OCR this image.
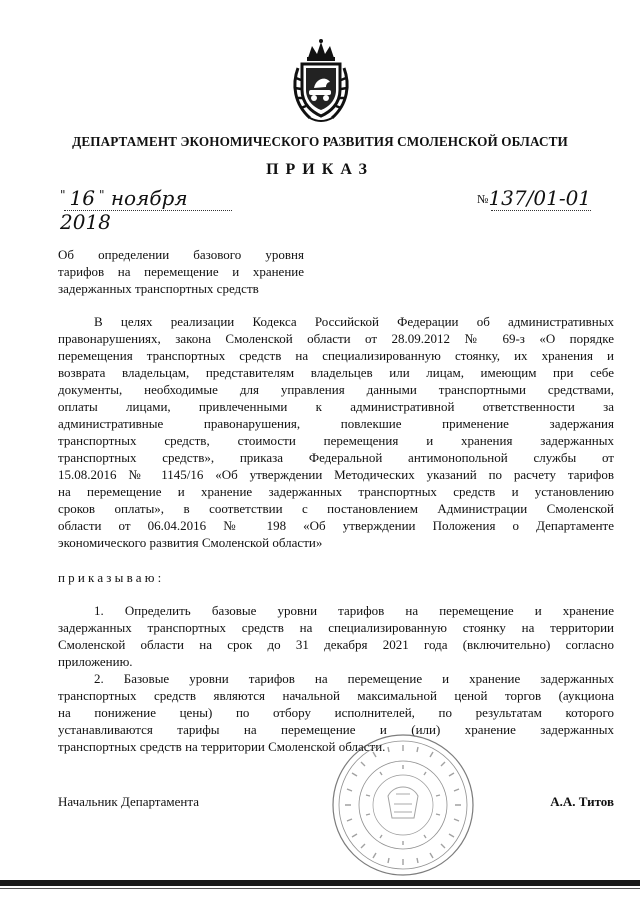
ДЕПАРТАМЕНТ ЭКОНОМИЧЕСКОГО РАЗВИТИЯ СМОЛЕНСКОЙ ОБЛАСТИ
ПРИКАЗ
" 16 " ноября 2018
№137/01-01
Об определении базового уровня
тарифов на перемещение и хранение
задержанных транспортных средств
В целях реализации Кодекса Российской Федерации об административных
правонарушениях, закона Смоленской области от 28.09.2012 № 69-з «О порядке
перемещения транспортных средств на специализированную стоянку, их хранения и
возврата владельцам, представителям владельцев или лицам, имеющим при себе
документы, необходимые для управления данными транспортными средствами,
оплаты лицами, привлеченными к административной ответственности за
административные правонарушения, повлекшие применение задержания
транспортных средств, стоимости перемещения и хранения задержанных
транспортных средств», приказа Федеральной антимонопольной службы от
15.08.2016 № 1145/16 «Об утверждении Методических указаний по расчету тарифов
на перемещение и хранение задержанных транспортных средств и установлению
сроков оплаты», в соответствии с постановлением Администрации Смоленской
области от 06.04.2016 № 198 «Об утверждении Положения о Департаменте
экономического развития Смоленской области»
приказываю:
1. Определить базовые уровни тарифов на перемещение и хранение
задержанных транспортных средств на специализированную стоянку на территории
Смоленской области на срок до 31 декабря 2021 года (включительно) согласно
приложению.
2. Базовые уровни тарифов на перемещение и хранение задержанных
транспортных средств являются начальной максимальной ценой торгов (аукциона
на понижение цены) по отбору исполнителей, по результатам которого
устанавливаются тарифы на перемещение и (или) хранение задержанных
транспортных средств на территории Смоленской области.
Начальник Департамента	А.А. Титов
